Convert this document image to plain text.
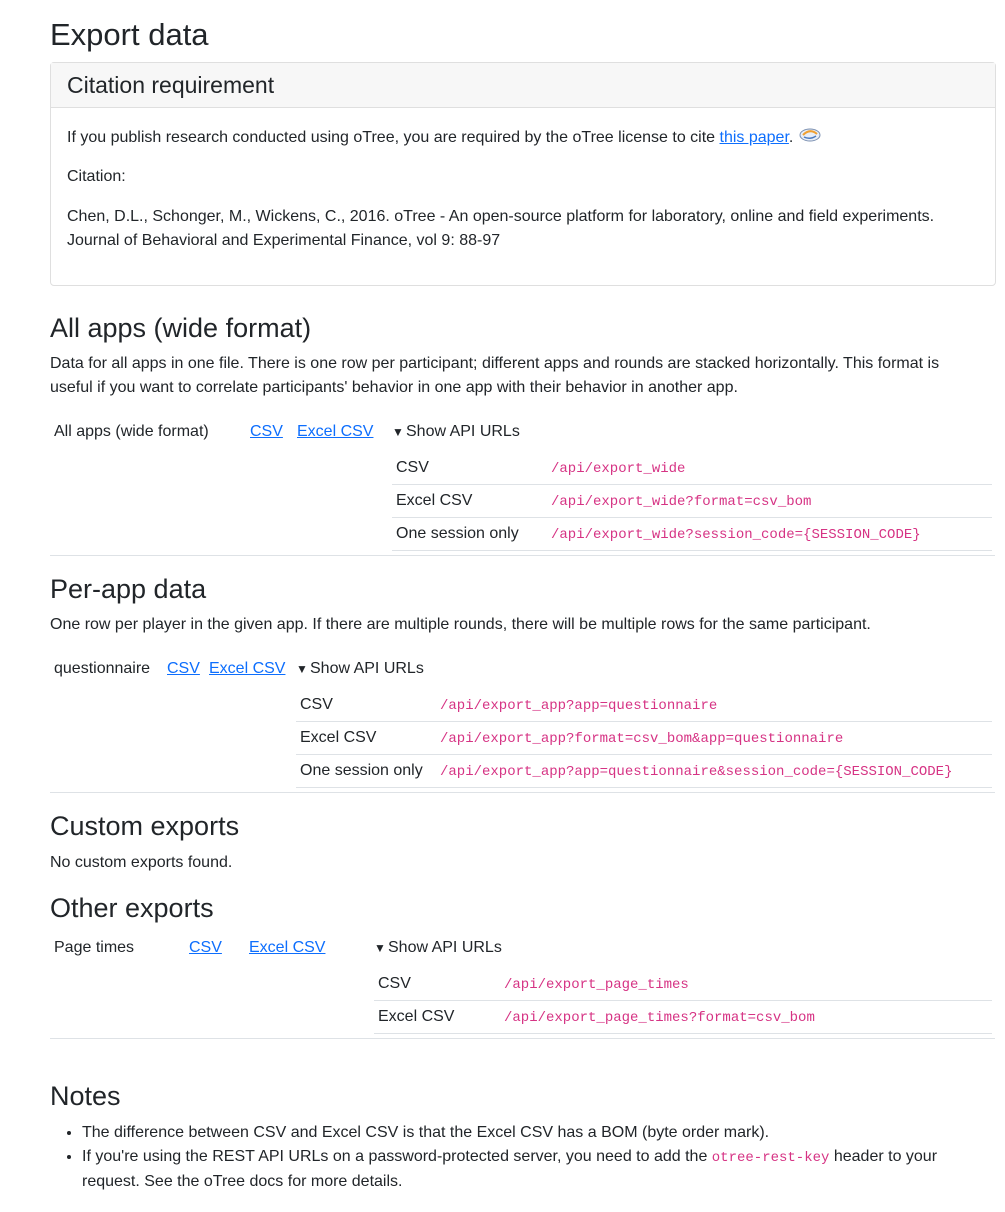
Export data
Citation requirement
If you publish research conducted using oTree, you are required by the oTree license to cite this paper.
Citation:
Chen, D.L., Schonger, M., Wickens, C., 2016. oTree - An open-source platform for laboratory, online and field experiments.
Journal of Behavioral and Experimental Finance, vol 9: 88-97
All apps (wide format)
Data for all apps in one file. There is one row per participant; different apps and rounds are stacked horizontally. This format is
useful if you want to correlate participants' behavior in one app with their behavior in another app.
All apps (wide format)	CSV Excel CSV ▼ Show API URLs
CSV	/api/export_wide
Excel CSV	/api/export_wide?format=csv_bom
One session only /api/export_wide?session_code={SESSION_CODE}
Per-app data
One row per player in the given app. If there are multiple rounds, there will be multiple rows for the same participant.
questionnaire CSV Excel CSV ▼ Show API URLs
CSV	/api/export_app?app=questionnaire
Excel CSV	/api/export_app?format=csv_bom&app=questionnaire
One session only /api/export_app?app=questionnaire&session_code={SESSION_CODE}
Custom exports
No custom exports found.
Other exports
Page times	CSV Excel CSV	▼ Show API URLs
CSV	/api/export_page_times
Excel CSV	/api/export_page_times?format=csv_bom
Notes
• The difference between CSV and Excel CSV is that the Excel CSV has a BOM (byte order mark).
• If you're using the REST API URLs on a password-protected server, you need to add the otree-rest-key header to your
request. See the oTree docs for more details.
